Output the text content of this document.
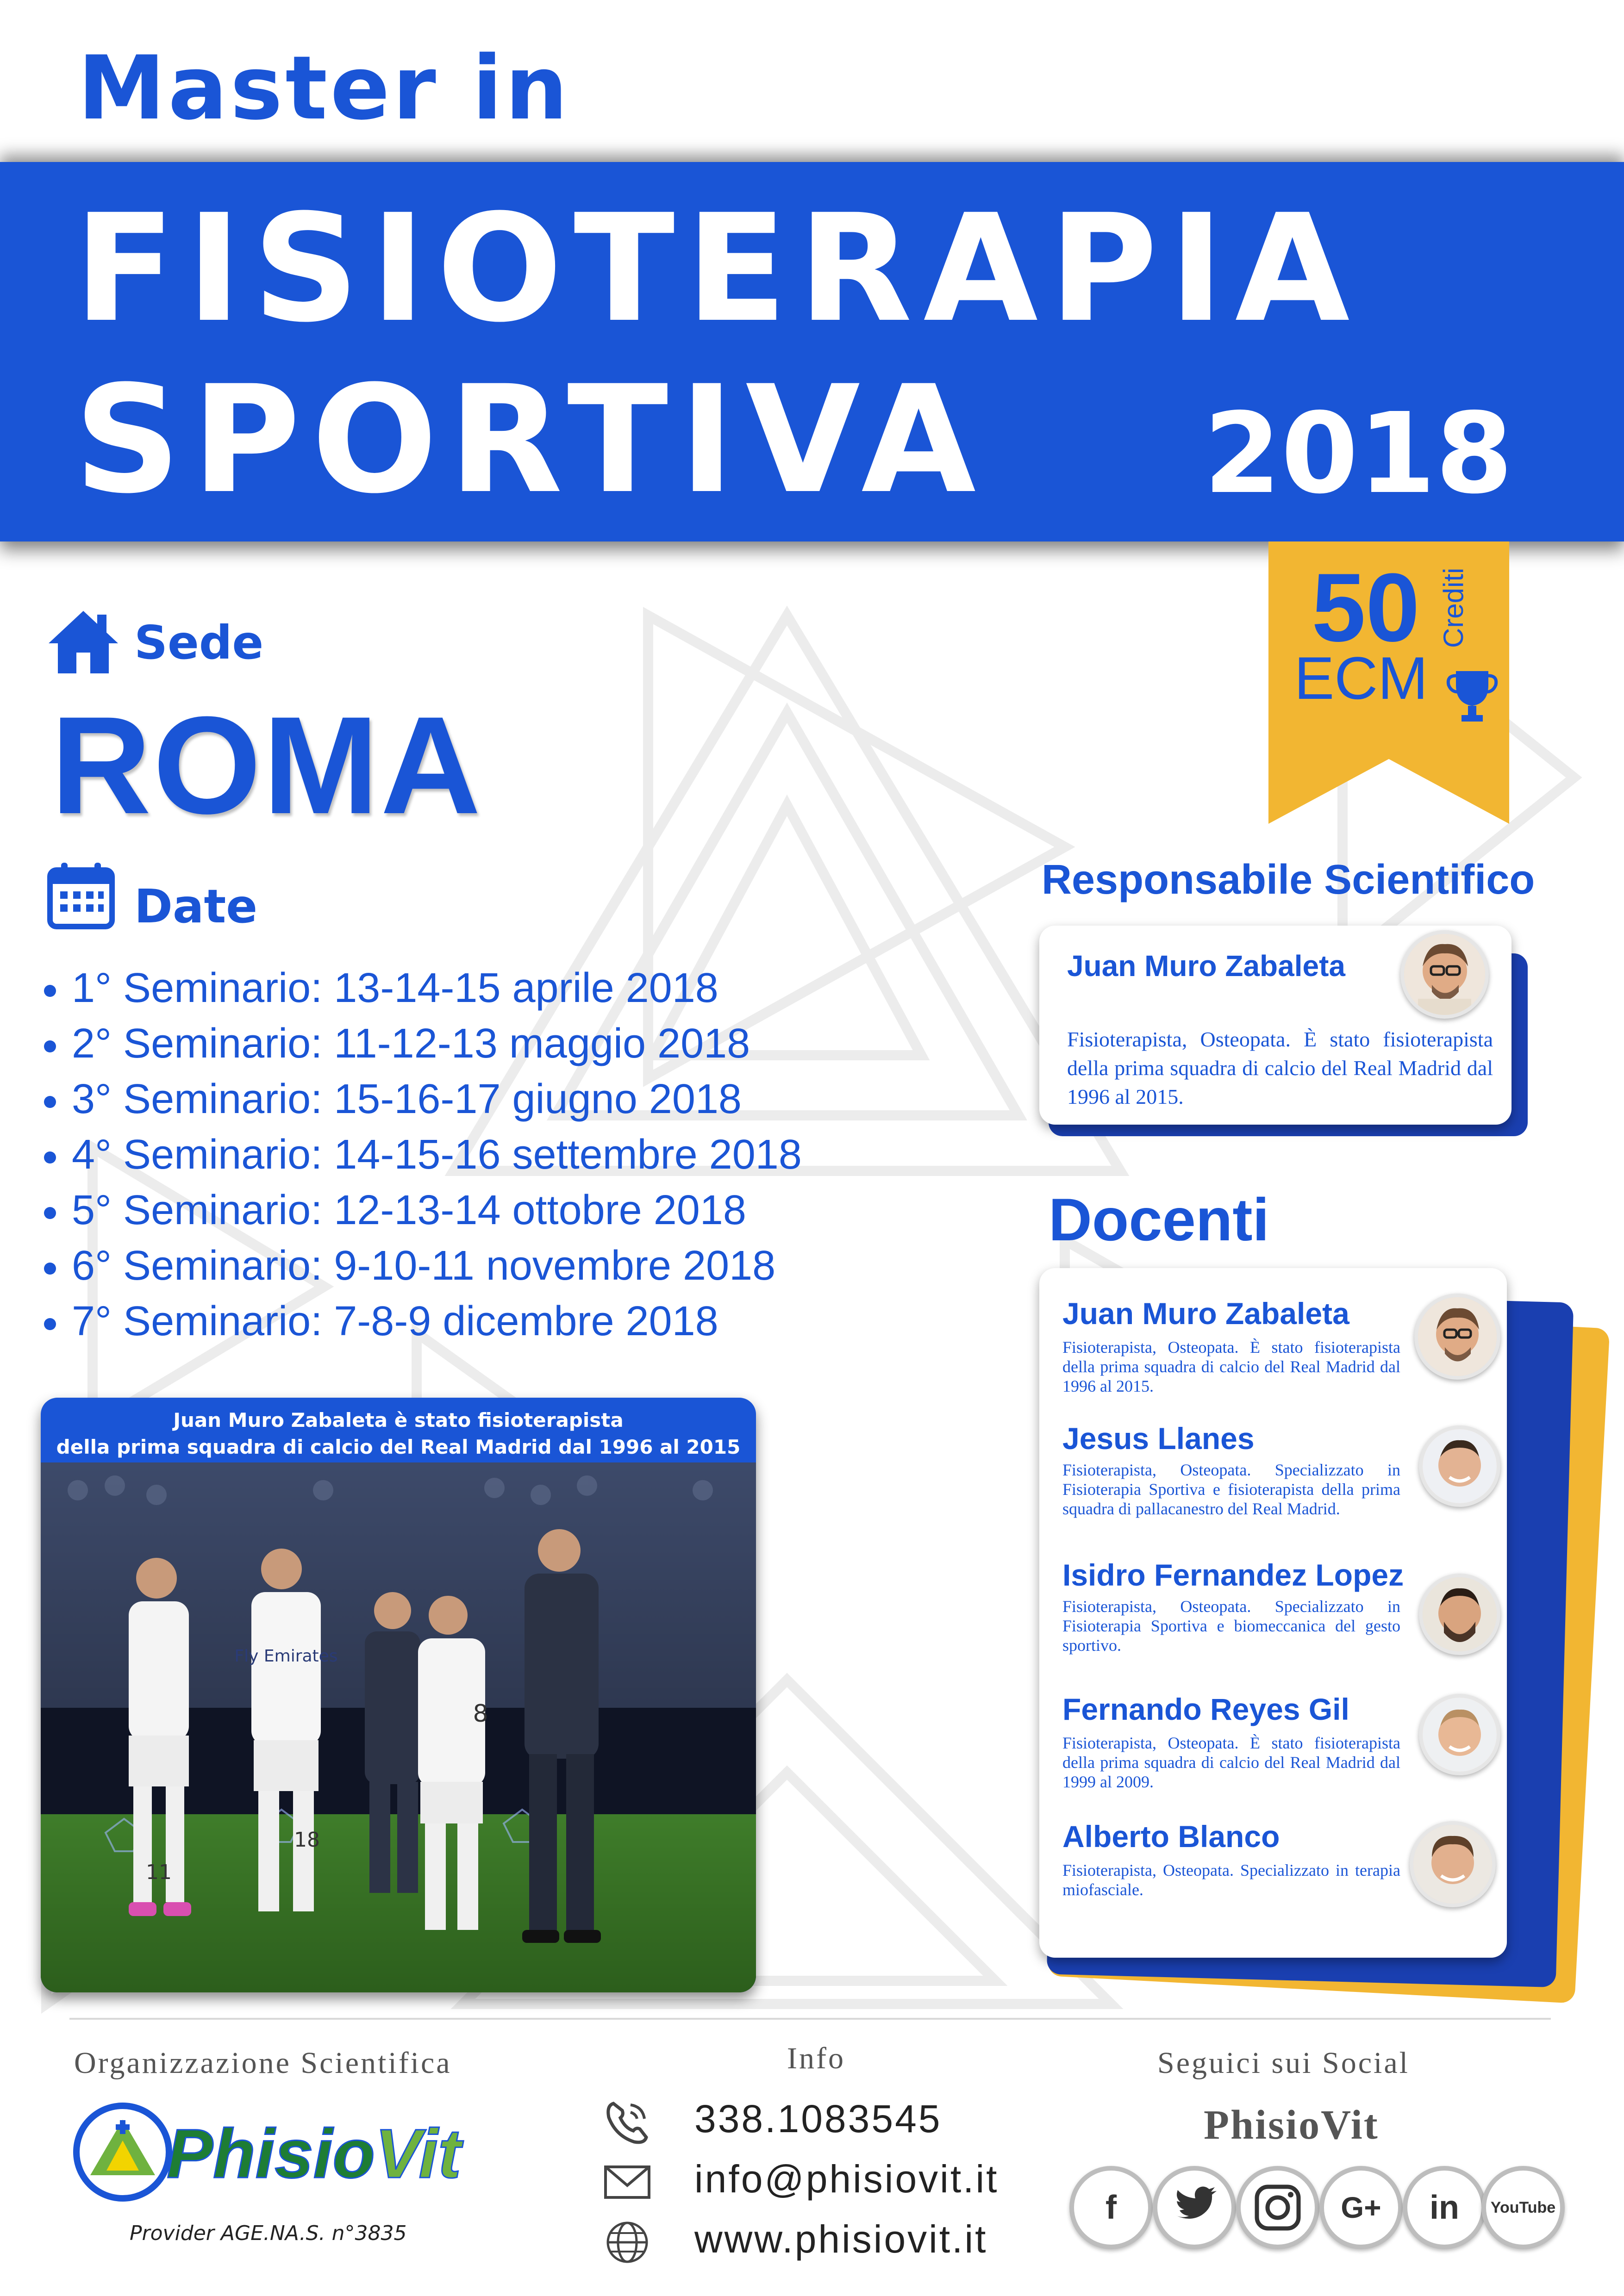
Master in
FISIOTERAPIA
SPORTIVA 2018
50
ECM
Crediti
Sede
ROMA
Date
1° Seminario: 13-14-15 aprile 2018
2° Seminario: 11-12-13 maggio 2018
3° Seminario: 15-16-17 giugno 2018
4° Seminario: 14-15-16 settembre 2018
5° Seminario: 12-13-14 ottobre 2018
6° Seminario: 9-10-11 novembre 2018
7° Seminario: 7-8-9 dicembre 2018
Juan Muro Zabaleta è stato fisioterapista
della prima squadra di calcio del Real Madrid dal 1996 al 2015
11
Fly Emirates
18
8
Responsabile Scientifico
Juan Muro Zabaleta
Fisioterapista, Osteopata. È stato fisioterapista della prima squadra di calcio del Real Madrid dal 1996 al 2015.
Docenti
Juan Muro Zabaleta
Fisioterapista, Osteopata. È stato fisioterapista della prima squadra di calcio del Real Madrid dal 1996 al 2015.
Jesus Llanes
Fisioterapista, Osteopata. Specializzato in Fisioterapia Sportiva e fisioterapista della prima squadra di pallacanestro del Real Madrid.
Isidro Fernandez Lopez
Fisioterapista, Osteopata. Specializzato in Fisioterapia Sportiva e biomeccanica del gesto sportivo.
Fernando Reyes Gil
Fisioterapista, Osteopata. È stato fisioterapista della prima squadra di calcio del Real Madrid dal 1999 al 2009.
Alberto Blanco
Fisioterapista, Osteopata. Specializzato in terapia miofasciale.
Organizzazione Scientifica
Phisio Vit
Provider AGE.NA.S. n°3835
Info
338.1083545
info@phisiovit.it
www.phisiovit.it
Seguici sui Social
PhisioVit
f	G+	in	YouTube
